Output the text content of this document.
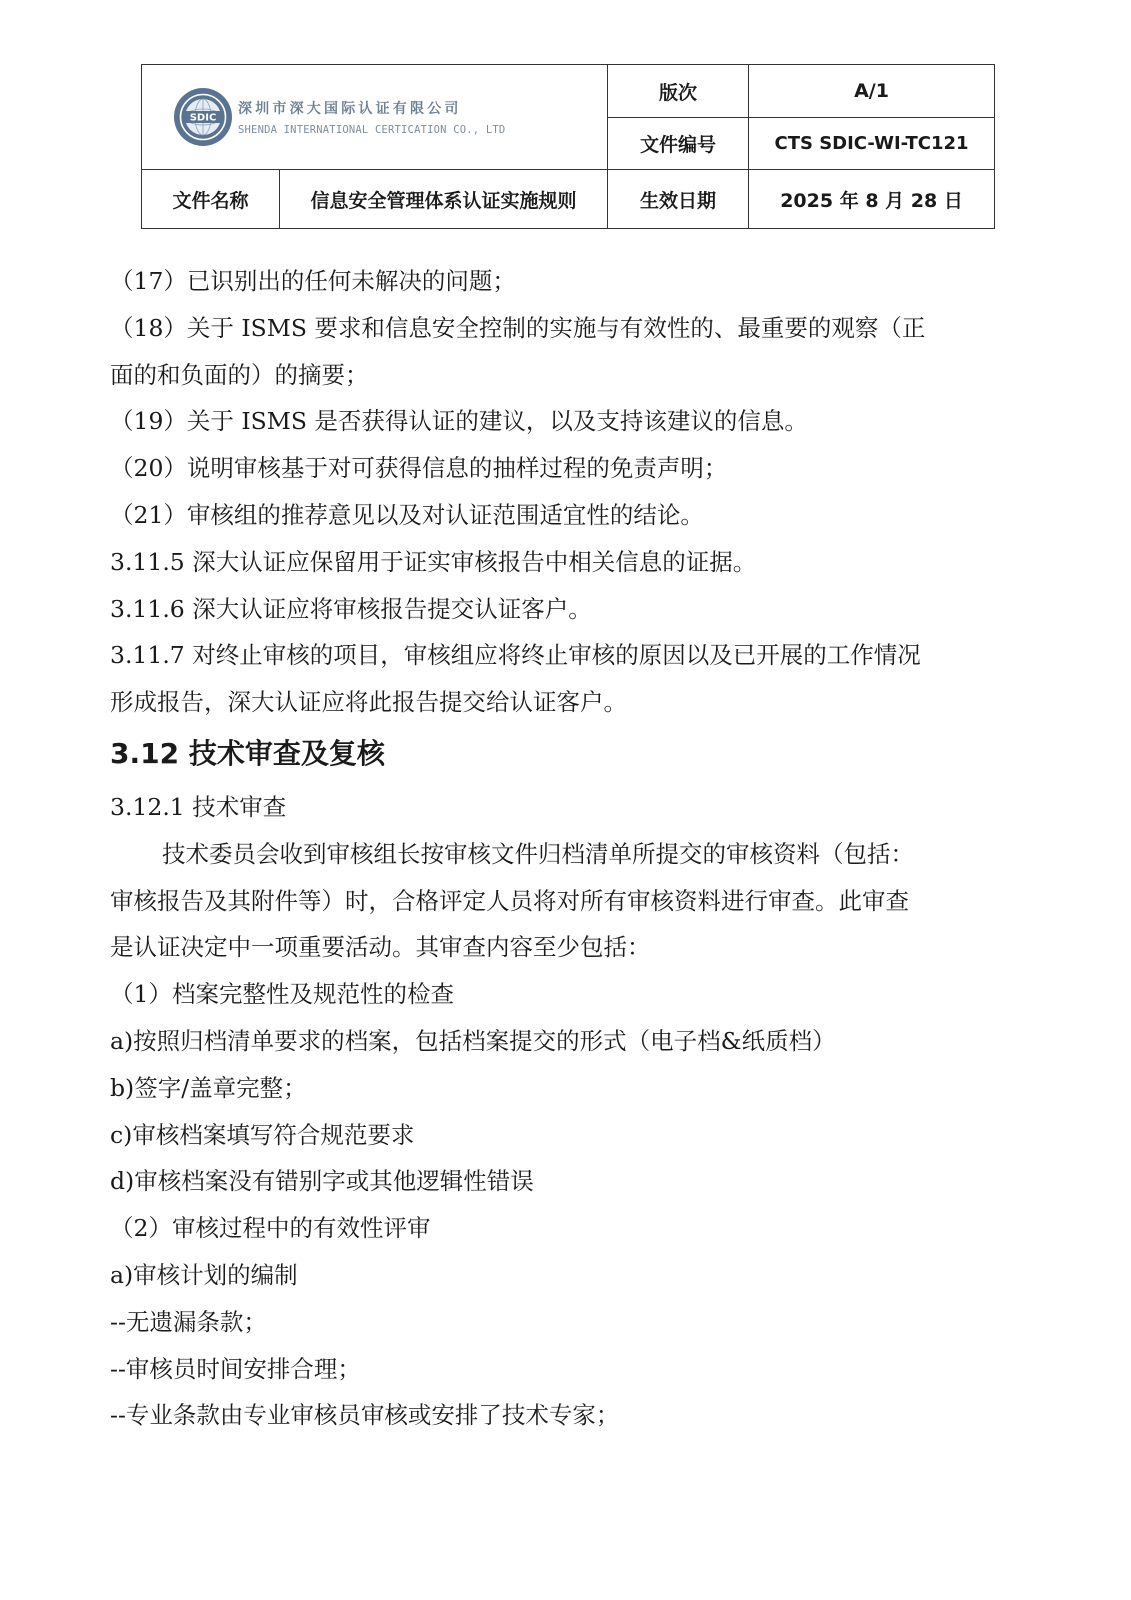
SDIC
深圳市深大国际认证有限公司
SHENDA INTERNATIONAL CERTICATION CO., LTD		版次	A/1
		文件编号	CTS SDIC-WI-TC121
文件名称	信息安全管理体系认证实施规则	生效日期	2025 年 8 月 28 日
（17）已识别出的任何未解决的问题；
（18）关于 ISMS 要求和信息安全控制的实施与有效性的、最重要的观察（正
面的和负面的）的摘要；
（19）关于 ISMS 是否获得认证的建议，以及支持该建议的信息。
（20）说明审核基于对可获得信息的抽样过程的免责声明；
（21）审核组的推荐意见以及对认证范围适宜性的结论。
3.11.5 深大认证应保留用于证实审核报告中相关信息的证据。
3.11.6 深大认证应将审核报告提交认证客户。
3.11.7 对终止审核的项目，审核组应将终止审核的原因以及已开展的工作情况
形成报告，深大认证应将此报告提交给认证客户。
3.12 技术审查及复核
3.12.1 技术审查
技术委员会收到审核组长按审核文件归档清单所提交的审核资料（包括：
审核报告及其附件等）时，合格评定人员将对所有审核资料进行审查。此审查
是认证决定中一项重要活动。其审查内容至少包括：
（1）档案完整性及规范性的检查
a)按照归档清单要求的档案，包括档案提交的形式（电子档&纸质档）
b)签字/盖章完整；
c)审核档案填写符合规范要求
d)审核档案没有错别字或其他逻辑性错误
（2）审核过程中的有效性评审
a)审核计划的编制
--无遗漏条款；
--审核员时间安排合理；
--专业条款由专业审核员审核或安排了技术专家；
